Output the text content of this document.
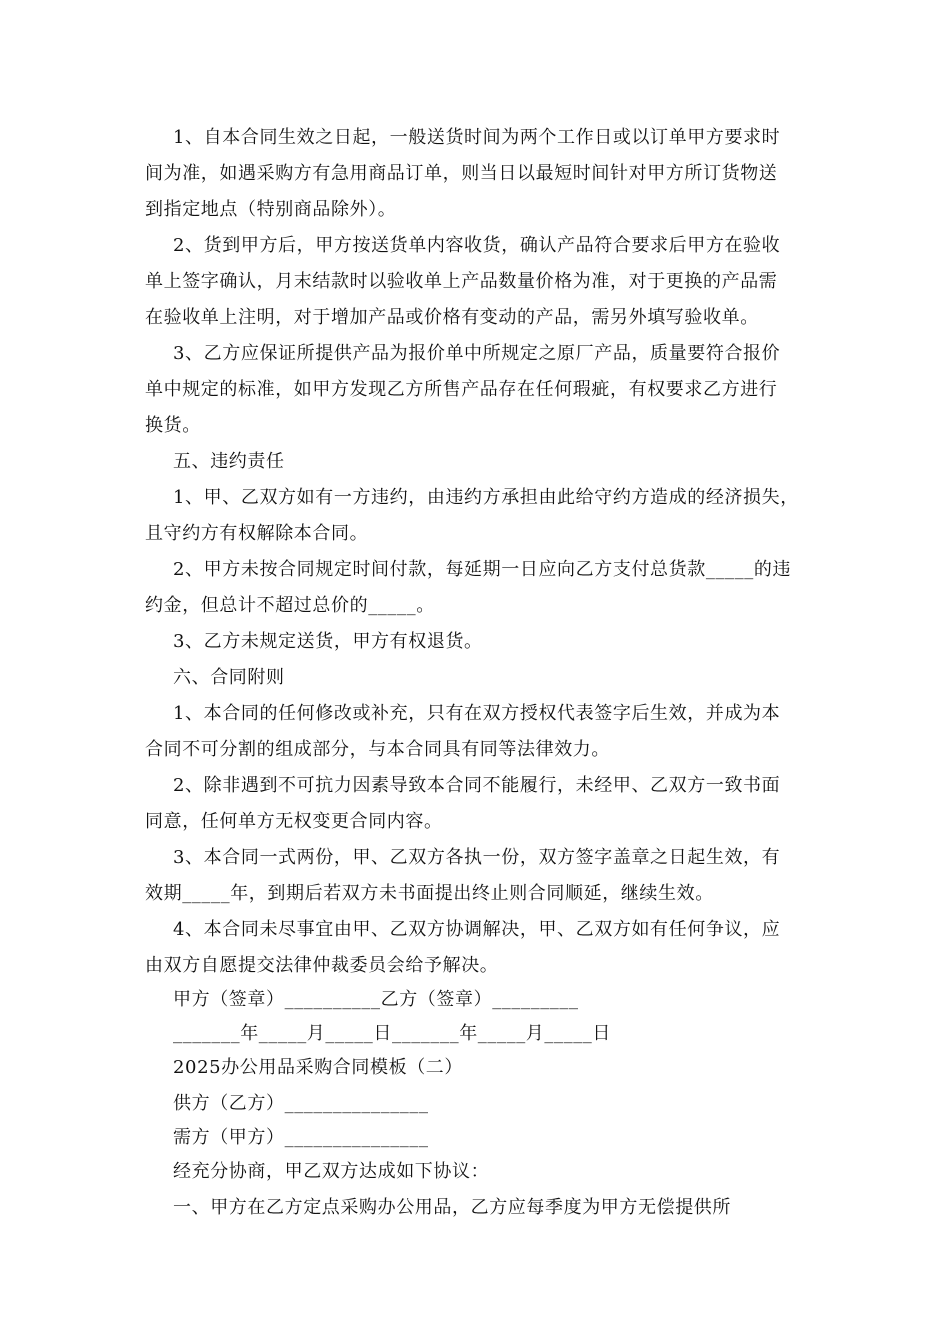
1、自本合同生效之日起，一般送货时间为两个工作日或以订单甲方要求时
间为准，如遇采购方有急用商品订单，则当日以最短时间针对甲方所订货物送
到指定地点（特别商品除外）。
2、货到甲方后，甲方按送货单内容收货，确认产品符合要求后甲方在验收
单上签字确认，月末结款时以验收单上产品数量价格为准，对于更换的产品需
在验收单上注明，对于增加产品或价格有变动的产品，需另外填写验收单。
3、乙方应保证所提供产品为报价单中所规定之原厂产品，质量要符合报价
单中规定的标准，如甲方发现乙方所售产品存在任何瑕疵，有权要求乙方进行
换货。
五、违约责任
1、甲、乙双方如有一方违约，由违约方承担由此给守约方造成的经济损失，
且守约方有权解除本合同。
2、甲方未按合同规定时间付款，每延期一日应向乙方支付总货款_____的违
约金，但总计不超过总价的_____。
3、乙方未规定送货，甲方有权退货。
六、合同附则
1、本合同的任何修改或补充，只有在双方授权代表签字后生效，并成为本
合同不可分割的组成部分，与本合同具有同等法律效力。
2、除非遇到不可抗力因素导致本合同不能履行，未经甲、乙双方一致书面
同意，任何单方无权变更合同内容。
3、本合同一式两份，甲、乙双方各执一份，双方签字盖章之日起生效，有
效期_____年，到期后若双方未书面提出终止则合同顺延，继续生效。
4、本合同未尽事宜由甲、乙双方协调解决，甲、乙双方如有任何争议，应
由双方自愿提交法律仲裁委员会给予解决。
甲方（签章）__________乙方（签章）_________
_______年_____月_____日_______年_____月_____日
2025办公用品采购合同模板（二）
供方（乙方）_______________
需方（甲方）_______________
经充分协商，甲乙双方达成如下协议：
一、甲方在乙方定点采购办公用品，乙方应每季度为甲方无偿提供所
